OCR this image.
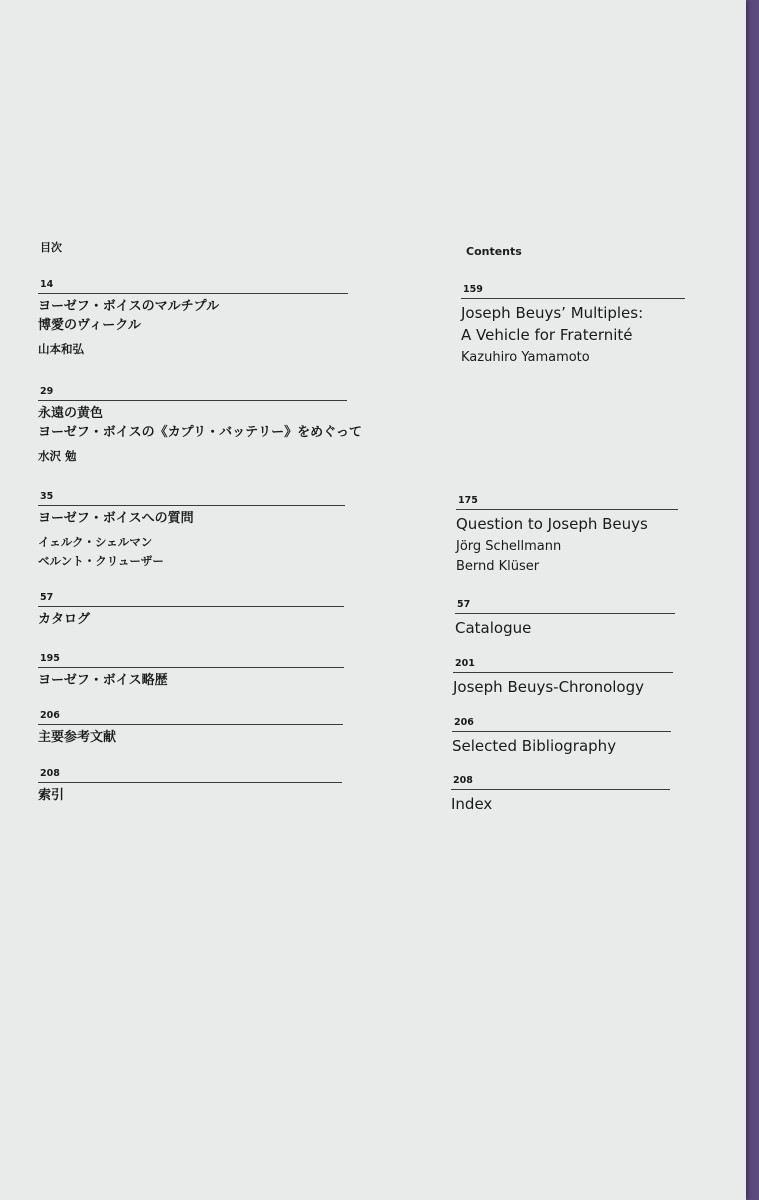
目次	Contents
14
ヨーゼフ・ボイスのマルチプル
博愛のヴィークル
山本和弘
29
永遠の黄色
ヨーゼフ・ボイスの《カプリ・バッテリー》をめぐって
水沢 勉
35
ヨーゼフ・ボイスへの質問
イェルク・シェルマン
ベルント・クリューザー
57
カタログ
195
ヨーゼフ・ボイス略歴
206
主要参考文献
208
索引
159
Joseph Beuys’ Multiples:
A Vehicle for Fraternité
Kazuhiro Yamamoto
175
Question to Joseph Beuys
Jörg Schellmann
Bernd Klüser
57
Catalogue
201
Joseph Beuys-Chronology
206
Selected Bibliography
208
Index
